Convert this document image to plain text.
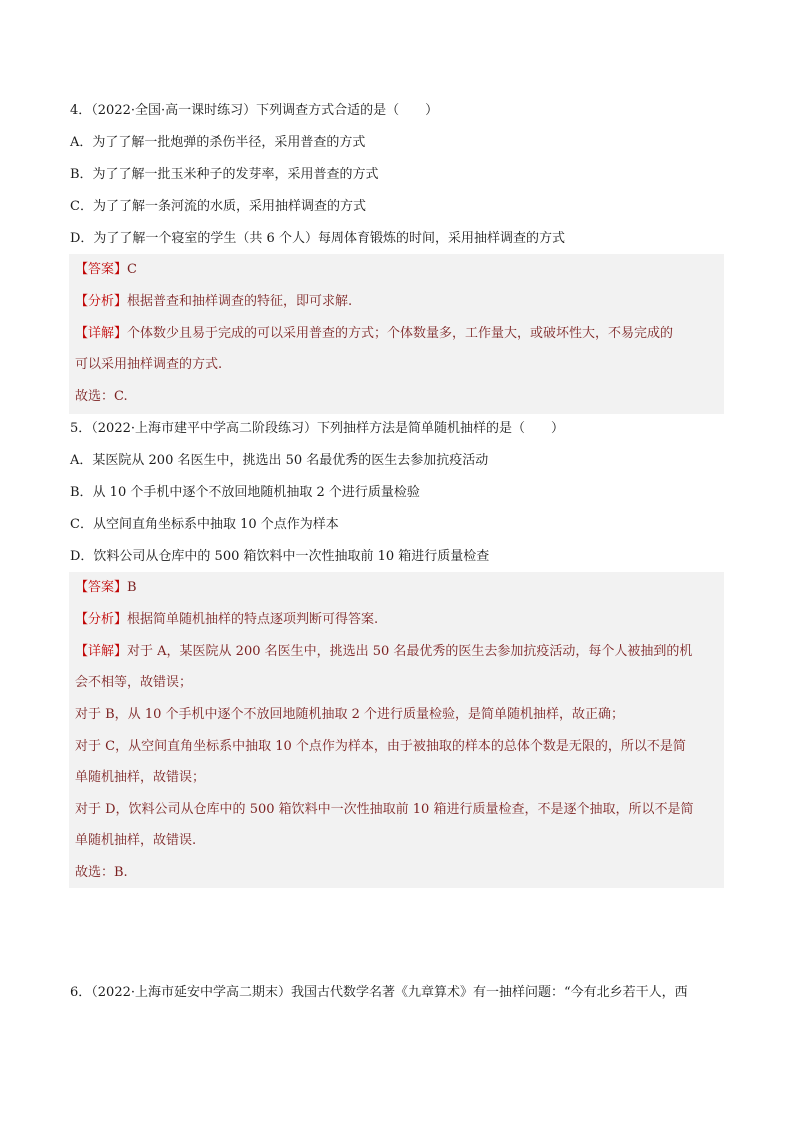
4．（2022·全国·高一课时练习）下列调查方式合适的是（　　）
A．为了了解一批炮弹的杀伤半径，采用普查的方式
B．为了了解一批玉米种子的发芽率，采用普查的方式
C．为了了解一条河流的水质，采用抽样调查的方式
D．为了了解一个寝室的学生（共 6 个人）每周体育锻炼的时间，采用抽样调查的方式
【答案】C
【分析】根据普查和抽样调查的特征，即可求解.
【详解】个体数少且易于完成的可以采用普查的方式；个体数量多，工作量大，或破坏性大，不易完成的
可以采用抽样调查的方式.
故选：C.
5．（2022·上海市建平中学高二阶段练习）下列抽样方法是简单随机抽样的是（　　）
A．某医院从 200 名医生中，挑选出 50 名最优秀的医生去参加抗疫活动
B．从 10 个手机中逐个不放回地随机抽取 2 个进行质量检验
C．从空间直角坐标系中抽取 10 个点作为样本
D．饮料公司从仓库中的 500 箱饮料中一次性抽取前 10 箱进行质量检查
【答案】B
【分析】根据简单随机抽样的特点逐项判断可得答案.
【详解】对于 A，某医院从 200 名医生中，挑选出 50 名最优秀的医生去参加抗疫活动，每个人被抽到的机
会不相等，故错误；
对于 B，从 10 个手机中逐个不放回地随机抽取 2 个进行质量检验，是简单随机抽样，故正确；
对于 C，从空间直角坐标系中抽取 10 个点作为样本，由于被抽取的样本的总体个数是无限的，所以不是简
单随机抽样，故错误；
对于 D，饮料公司从仓库中的 500 箱饮料中一次性抽取前 10 箱进行质量检查，不是逐个抽取，所以不是简
单随机抽样，故错误.
故选：B.
6．（2022·上海市延安中学高二期末）我国古代数学名著《九章算术》有一抽样问题：“今有北乡若干人，西
